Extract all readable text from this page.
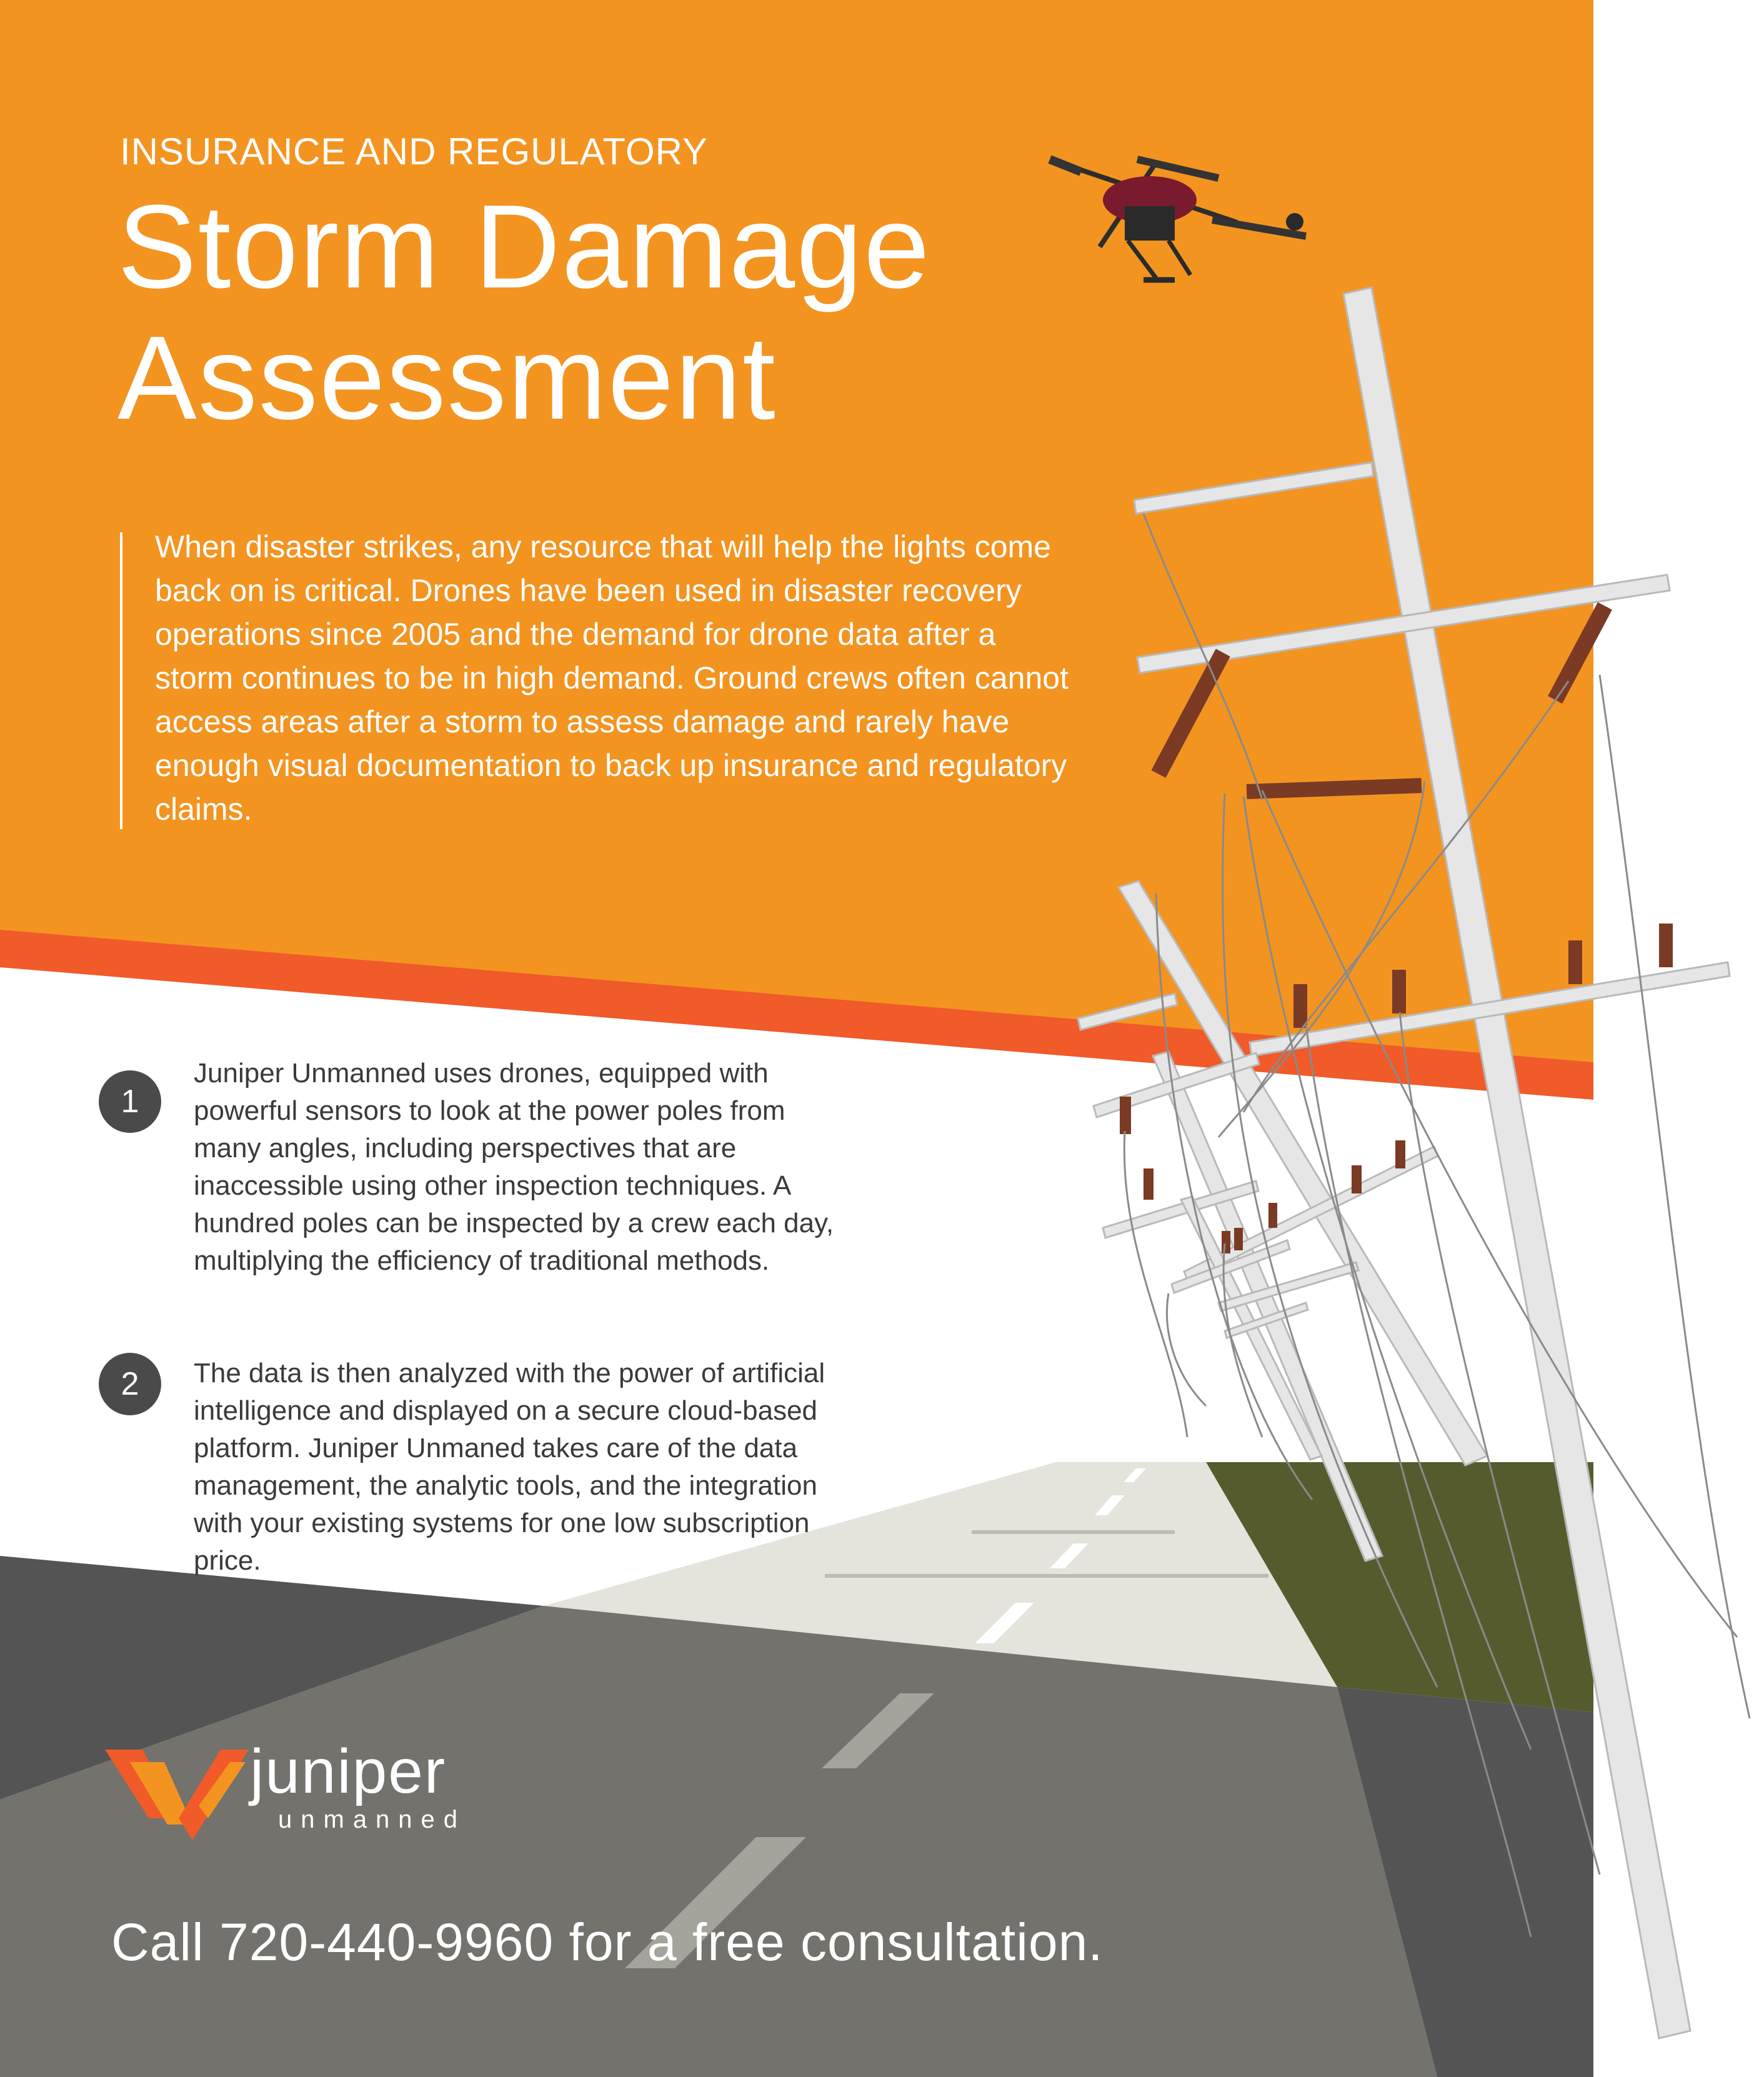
INSURANCE AND REGULATORY

Storm Damage
Assessment

When disaster strikes, any resource that will help the lights come back on is critical. Drones have been used in disaster recovery operations since 2005 and the demand for drone data after a storm continues to be in high demand. Ground crews often cannot access areas after a storm to assess damage and rarely have enough visual documentation to back up insurance and regulatory claims.

1

Juniper Unmanned uses drones, equipped with powerful sensors to look at the power poles from many angles, including perspectives that are inaccessible using other inspection techniques. A hundred poles can be inspected by a crew each day, multiplying the efficiency of traditional methods.

2	The data is then analyzed with the power of artificial intelligence and displayed on a secure cloud-based platform. Juniper Unmaned takes care of the data management, the analytic tools, and the integration with your existing systems for one low subscription price.

juniper
unmanned

Call 720-440-9960 for a free consultation.
